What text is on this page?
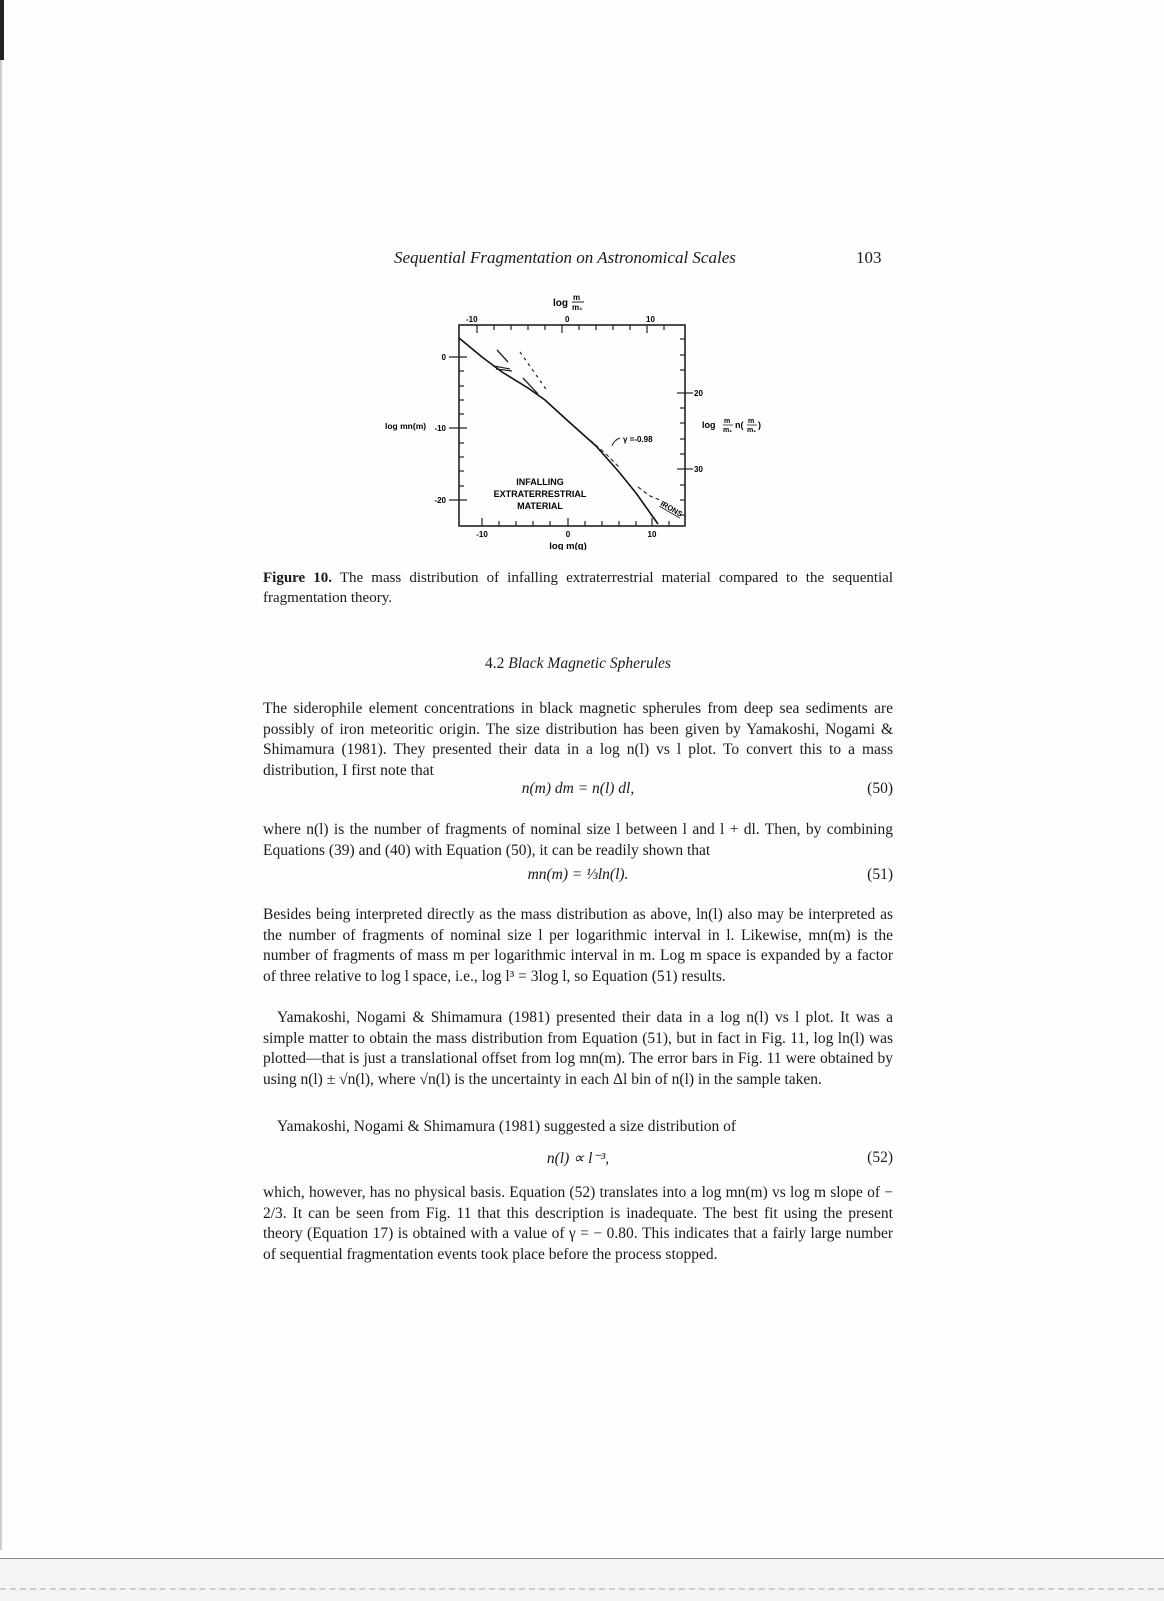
Sequential Fragmentation on Astronomical Scales	103
log
m
m₁
-10	0	10
0
-10
-20
20
30
-10	0	10
log m(g)
log mn(m)	log m
m₁
n( m
m₁
)
γ =-0.98
IRONS
INFALLING
EXTRATERRESTRIAL
MATERIAL
Figure 10. The mass distribution of infalling extraterrestrial material compared to the sequential fragmentation theory.
4.2 Black Magnetic Spherules
The siderophile element concentrations in black magnetic spherules from deep sea sediments are possibly of iron meteoritic origin. The size distribution has been given by Yamakoshi, Nogami & Shimamura (1981). They presented their data in a log n(l) vs l plot. To convert this to a mass distribution, I first note that
n(m) dm = n(l) dl,	(50)
where n(l) is the number of fragments of nominal size l between l and l + dl. Then, by combining Equations (39) and (40) with Equation (50), it can be readily shown that
mn(m) = ⅓ln(l).	(51)
Besides being interpreted directly as the mass distribution as above, ln(l) also may be interpreted as the number of fragments of nominal size l per logarithmic interval in l. Likewise, mn(m) is the number of fragments of mass m per logarithmic interval in m. Log m space is expanded by a factor of three relative to log l space, i.e., log l³ = 3log l, so Equation (51) results.
Yamakoshi, Nogami & Shimamura (1981) presented their data in a log n(l) vs l plot. It was a simple matter to obtain the mass distribution from Equation (51), but in fact in Fig. 11, log ln(l) was plotted—that is just a translational offset from log mn(m). The error bars in Fig. 11 were obtained by using n(l) ± √n(l), where √n(l) is the uncertainty in each Δl bin of n(l) in the sample taken.
Yamakoshi, Nogami & Shimamura (1981) suggested a size distribution of
n(l) ∝ l⁻³,	(52)
which, however, has no physical basis. Equation (52) translates into a log mn(m) vs log m slope of − 2/3. It can be seen from Fig. 11 that this description is inadequate. The best fit using the present theory (Equation 17) is obtained with a value of γ = − 0.80. This indicates that a fairly large number of sequential fragmentation events took place before the process stopped.
